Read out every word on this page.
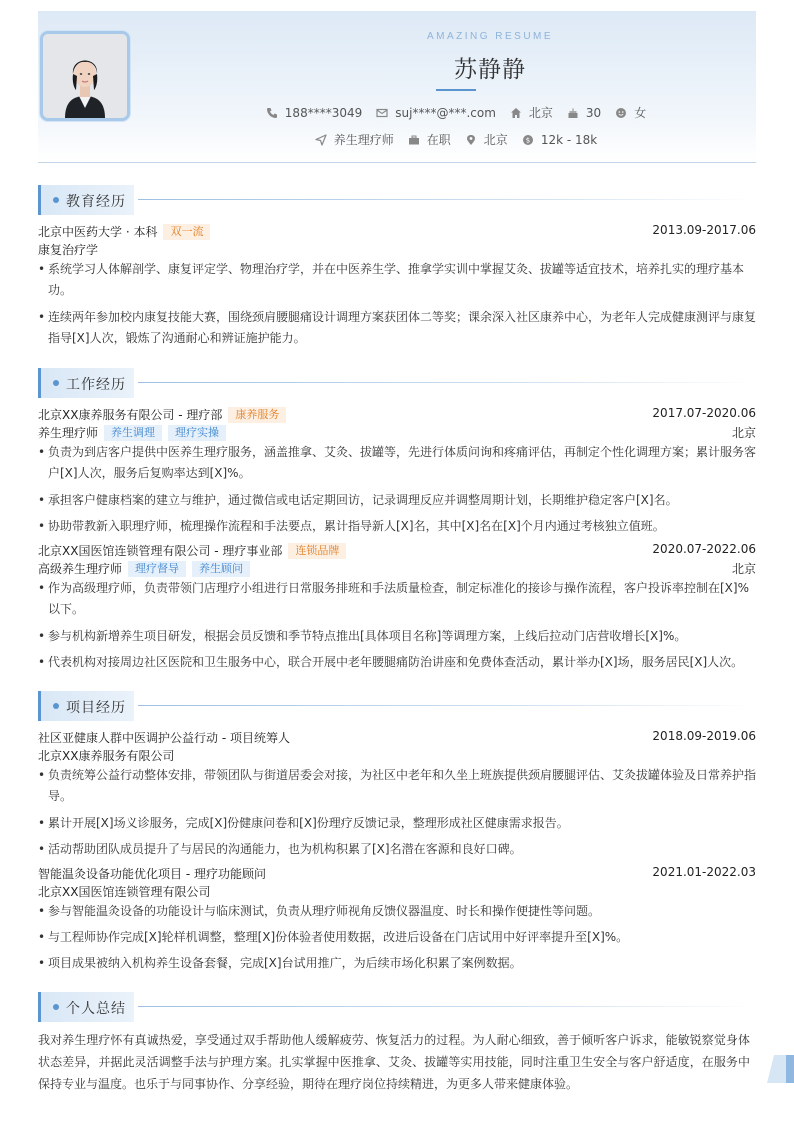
AMAZING RESUME
苏静静
188****3049	suj****@***.com	北京	30	女
养生理疗师	在职	北京	$ 12k - 18k
教育经历
北京中医药大学 · 本科	双一流	2013.09-2017.06
康复治疗学
• 系统学习人体解剖学、康复评定学、物理治疗学，并在中医养生学、推拿学实训中掌握艾灸、拔罐等适宜技术，培养扎实的理疗基本功。
• 连续两年参加校内康复技能大赛，围绕颈肩腰腿痛设计调理方案获团体二等奖；课余深入社区康养中心，为老年人完成健康测评与康复指导[X]人次，锻炼了沟通耐心和辨证施护能力。
工作经历
北京XX康养服务有限公司 - 理疗部	康养服务	2017.07-2020.06
养生理疗师	养生调理	理疗实操	北京
• 负责为到店客户提供中医养生理疗服务，涵盖推拿、艾灸、拔罐等，先进行体质问询和疼痛评估，再制定个性化调理方案；累计服务客户[X]人次，服务后复购率达到[X]%。
• 承担客户健康档案的建立与维护，通过微信或电话定期回访，记录调理反应并调整周期计划，长期维护稳定客户[X]名。
• 协助带教新入职理疗师，梳理操作流程和手法要点，累计指导新人[X]名，其中[X]名在[X]个月内通过考核独立值班。
北京XX国医馆连锁管理有限公司 - 理疗事业部	连锁品牌	2020.07-2022.06
高级养生理疗师	理疗督导	养生顾问	北京
• 作为高级理疗师，负责带领门店理疗小组进行日常服务排班和手法质量检查，制定标准化的接诊与操作流程，客户投诉率控制在[X]%以下。
• 参与机构新增养生项目研发，根据会员反馈和季节特点推出[具体项目名称]等调理方案，上线后拉动门店营收增长[X]%。
• 代表机构对接周边社区医院和卫生服务中心，联合开展中老年腰腿痛防治讲座和免费体查活动，累计举办[X]场，服务居民[X]人次。
项目经历
社区亚健康人群中医调护公益行动 - 项目统筹人	2018.09-2019.06
北京XX康养服务有限公司
• 负责统筹公益行动整体安排，带领团队与街道居委会对接，为社区中老年和久坐上班族提供颈肩腰腿评估、艾灸拔罐体验及日常养护指导。
• 累计开展[X]场义诊服务，完成[X]份健康问卷和[X]份理疗反馈记录，整理形成社区健康需求报告。
• 活动帮助团队成员提升了与居民的沟通能力，也为机构积累了[X]名潜在客源和良好口碑。
智能温灸设备功能优化项目 - 理疗功能顾问	2021.01-2022.03
北京XX国医馆连锁管理有限公司
• 参与智能温灸设备的功能设计与临床测试，负责从理疗师视角反馈仪器温度、时长和操作便捷性等问题。
• 与工程师协作完成[X]轮样机调整，整理[X]份体验者使用数据，改进后设备在门店试用中好评率提升至[X]%。
• 项目成果被纳入机构养生设备套餐，完成[X]台试用推广，为后续市场化积累了案例数据。
个人总结
我对养生理疗怀有真诚热爱，享受通过双手帮助他人缓解疲劳、恢复活力的过程。为人耐心细致，善于倾听客户诉求，能敏锐察觉身体状态差异，并据此灵活调整手法与护理方案。扎实掌握中医推拿、艾灸、拔罐等实用技能，同时注重卫生安全与客户舒适度，在服务中保持专业与温度。也乐于与同事协作、分享经验，期待在理疗岗位持续精进，为更多人带来健康体验。
